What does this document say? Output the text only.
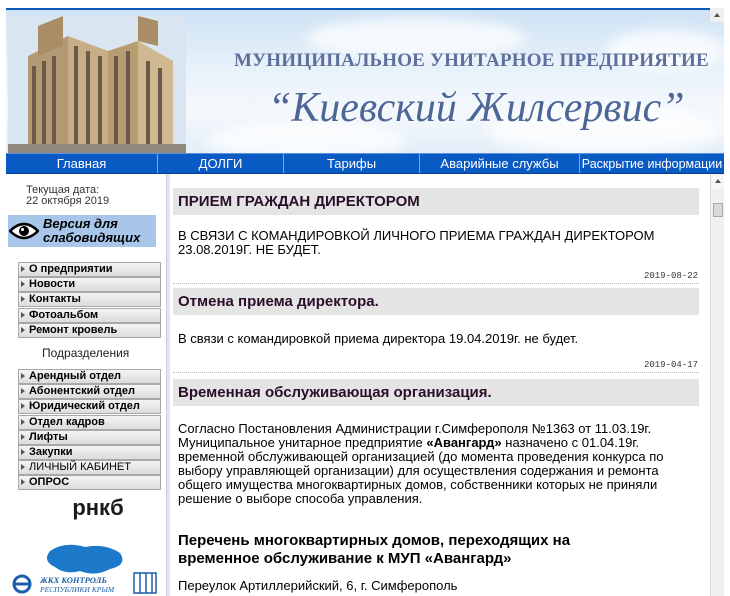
МУНИЦИПАЛЬНОЕ УНИТАРНОЕ ПРЕДПРИЯТИЕ
“Киевский Жилсервис”
Главная	ДОЛГИ	Тарифы	Аварийные службы	Раскрытие информации
Текущая дата:
22 октября 2019
Версия для
слабовидящих
О предприятии
Новости
Контакты
Фотоальбом
Ремонт кровель
Подразделения
Арендный отдел
Абонентский отдел
Юридический отдел
Отдел кадров
Лифты
Закупки
ЛИЧНЫЙ КАБИНЕТ
ОПРОС
рнкб
ЖКХ КОНТРОЛЬ
РЕСПУБЛИКИ КРЫМ
ПРИЕМ ГРАЖДАН ДИРЕКТОРОМ
В СВЯЗИ С КОМАНДИРОВКОЙ ЛИЧНОГО ПРИЕМА ГРАЖДАН ДИРЕКТОРОМ
23.08.2019Г. НЕ БУДЕТ.
2019-08-22
Отмена приема директора.
В связи с командировкой приема директора 19.04.2019г. не будет.
2019-04-17
Временная обслуживающая организация.
Согласно Постановления Администрации г.Симферополя №1363 от 11.03.19г. Муниципальное унитарное предприятие «Авангард» назначено с 01.04.19г. временной обслуживающей организацией (до момента проведения конкурса по выбору управляющей организации) для осуществления содержания и ремонта общего имущества многоквартирных домов, собственники которых не приняли решение о выборе способа управления.
Перечень многоквартирных домов, переходящих на временное обслуживание к МУП «Авангард»
Переулок Артиллерийский, 6, г. Симферополь
